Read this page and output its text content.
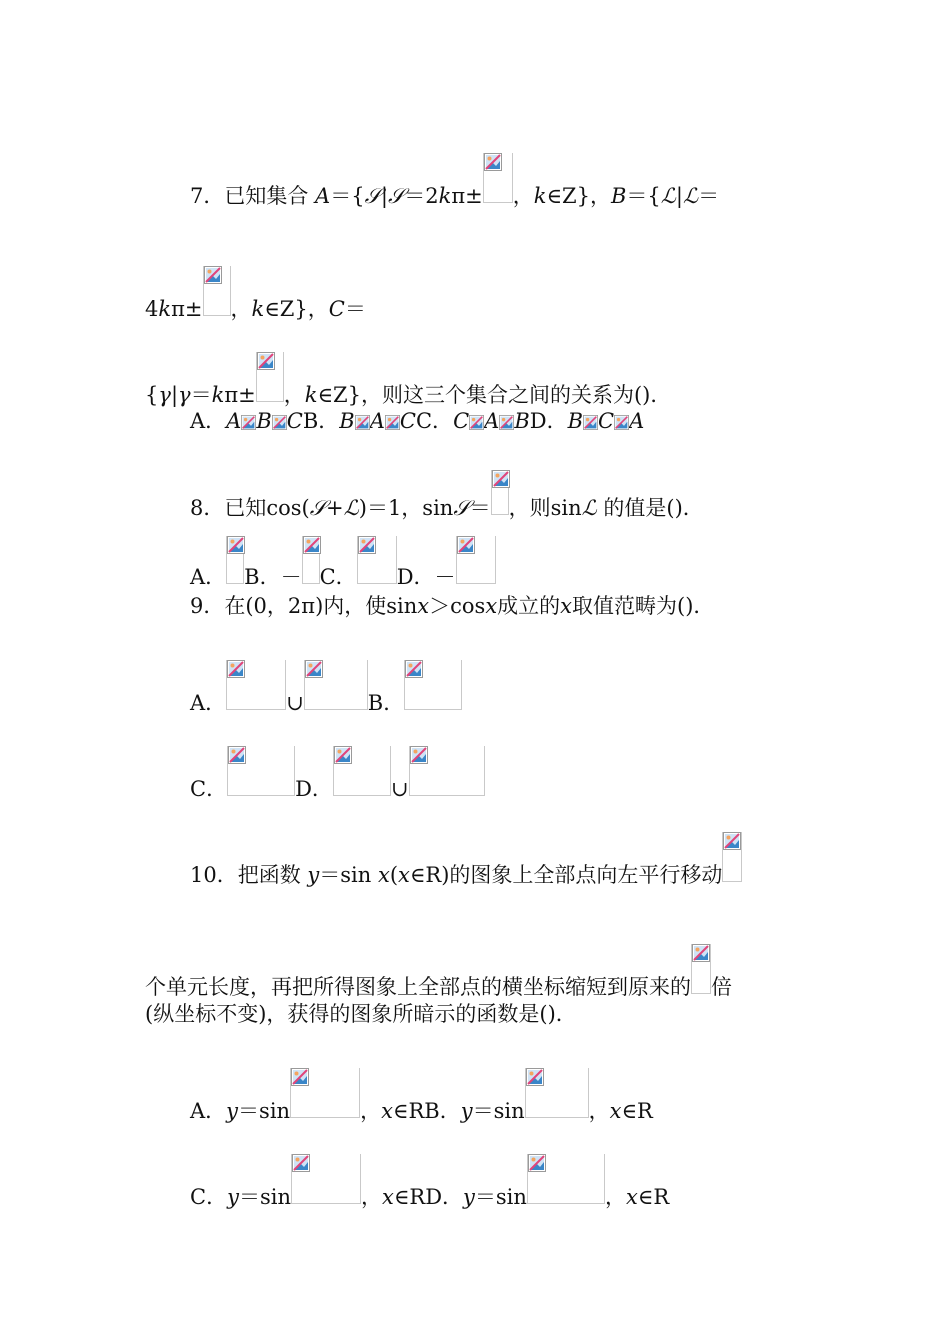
7．已知集合 A＝{𝒮|𝒮＝2kπ± ，k∈Z}，B＝{ℒ|ℒ＝
4kπ± ，k∈Z}，C＝
{γ|γ＝kπ± ，k∈Z}，则这三个集合之间的关系为()．
A．A B CB．B A CC．C A BD．B C A
8．已知cos(𝒮+ℒ)＝1，sin𝒮＝ ，则sinℒ 的值是()．
A． B．－ C． D．－
9．在(0，2π)内，使sinx＞cosx成立的x取值范畴为()．
A．	∪	B．
C．	D．	∪
10．把函数 y＝sin x(x∈R)的图象上全部点向左平行移动
个单元长度，再把所得图象上全部点的横坐标缩短到原来的 倍
(纵坐标不变)，获得的图象所暗示的函数是()．
A．y＝sin	，x∈RB．y＝sin	，x∈R
C．y＝sin	，x∈RD．y＝sin	，x∈R
